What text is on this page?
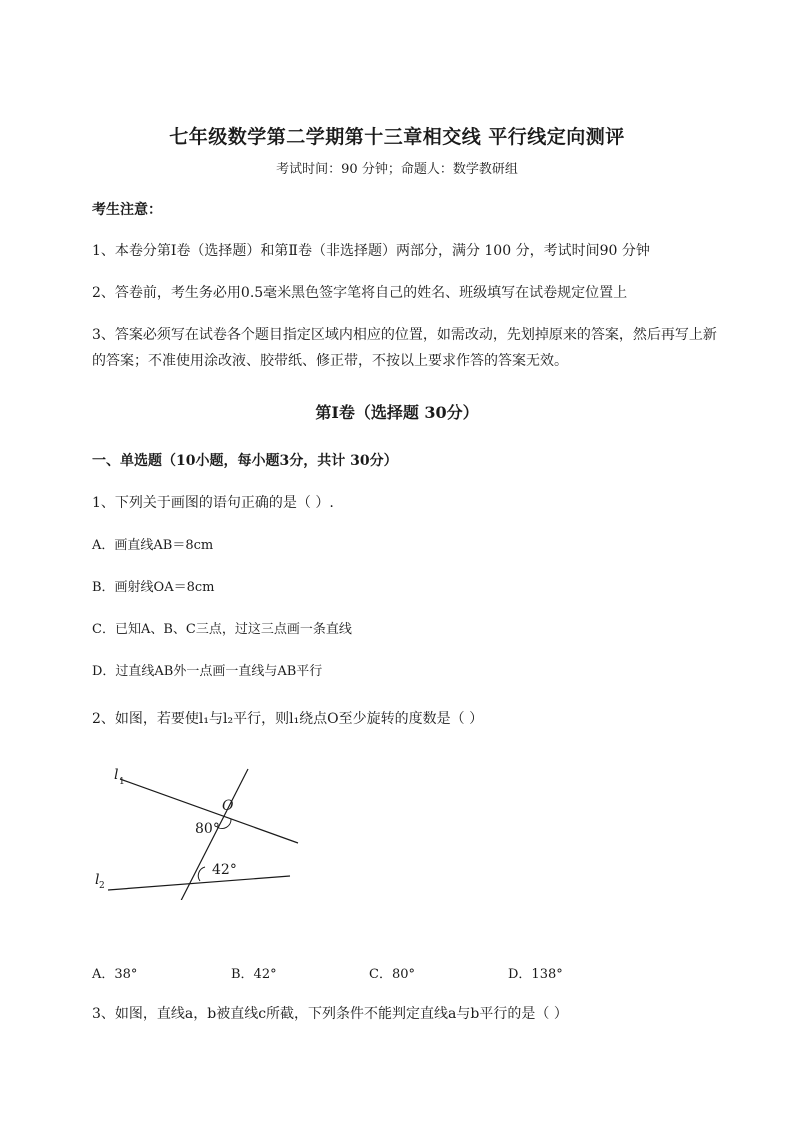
七年级数学第二学期第十三章相交线 平行线定向测评
考试时间：90 分钟；命题人：数学教研组
考生注意：
1、本卷分第Ⅰ卷（选择题）和第Ⅱ卷（非选择题）两部分，满分 100 分，考试时间90 分钟
2、答卷前，考生务必用0.5毫米黑色签字笔将自己的姓名、班级填写在试卷规定位置上
3、答案必须写在试卷各个题目指定区域内相应的位置，如需改动，先划掉原来的答案，然后再写上新
的答案；不准使用涂改液、胶带纸、修正带，不按以上要求作答的答案无效。
第Ⅰ卷（选择题 30分）
一、单选题（10小题，每小题3分，共计 30分）
1、下列关于画图的语句正确的是（ ）.
A．画直线AB＝8cm
B．画射线OA＝8cm
C．已知A、B、C三点，过这三点画一条直线
D．过直线AB外一点画一直线与AB平行
2、如图，若要使l₁与l₂平行，则l₁绕点O至少旋转的度数是（ ）
l 1
l 2
O
80°
42°
A．38°	B．42°	C．80°	D．138°
3、如图，直线a，b被直线c所截，下列条件不能判定直线a与b平行的是（ ）
